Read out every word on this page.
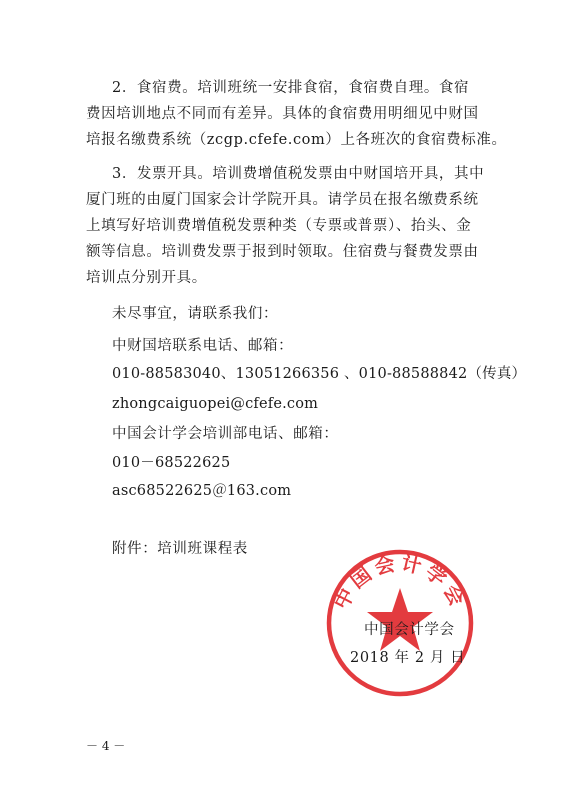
2．食宿费。培训班统一安排食宿，食宿费自理。食宿
费因培训地点不同而有差异。具体的食宿费用明细见中财国
培报名缴费系统（zcgp.cfefe.com）上各班次的食宿费标准。
3．发票开具。培训费增值税发票由中财国培开具，其中
厦门班的由厦门国家会计学院开具。请学员在报名缴费系统
上填写好培训费增值税发票种类（专票或普票）、抬头、金
额等信息。培训费发票于报到时领取。住宿费与餐费发票由
培训点分别开具。
未尽事宜，请联系我们：
中财国培联系电话、邮箱：
010-88583040、13051266356 、010-88588842（传真）
zhongcaiguopei@cfefe.com
中国会计学会培训部电话、邮箱：
010－68522625
asc68522625＠163.com
附件：培训班课程表
中国会计学会
中国会计学会
2018 年 2 月 日
－ 4 －
